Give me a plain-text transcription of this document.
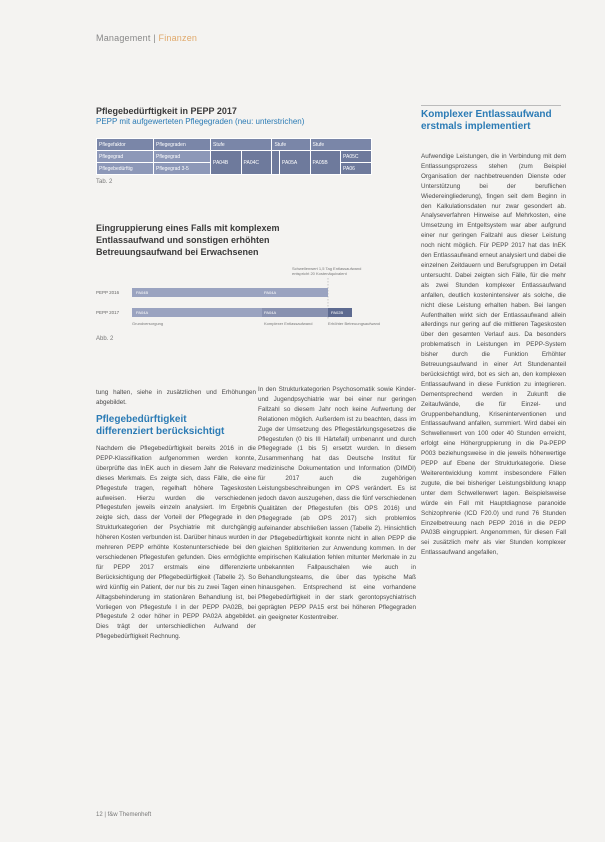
Management | Finanzen
Pflegebedürftigkeit in PEPP 2017
PEPP mit aufgewerteten Pflegegraden (neu: unterstrichen)
Pflegefaktor	Pflegegraden	Stufe		Stufe		Stufe	
Pflegegrad	Pflegegrad	PA04B	PA04C		PA05A	PA05B	PA05C
Pflegebedürftig	Pflegegrad 3-5						PA06
Tab. 2
Eingruppierung eines Falls mit komplexem
Entlassaufwand und sonstigen erhöhten
Betreuungsaufwand bei Erwachsenen
Schwellenwert 1,5 Tag Entlassaufwand
entspricht 20 Kostenäquivalent
PEPP 2016	PA04B	PA04A
PEPP 2017	PA04A	PA04A	PA02B
Grundversorgung	Komplexer Entlassaufwand	Erhöhter Betreuungsaufwand
Abb. 2
Komplexer Entlassaufwand
erstmals implementiert
Aufwendige Leistungen, die in Verbindung mit dem Entlassungsprozess stehen (zum Beispiel Organisation der nachbetreuenden Dienste oder Unterstützung bei der beruflichen Wiedereingliederung), fingen seit dem Beginn in den Kalkulationsdaten nur zwar gesondert ab. Analyseverfahren Hinweise auf Mehrkosten, eine Umsetzung im Entgeltsystem war aber aufgrund einer nur geringen Fallzahl aus dieser Leistung noch nicht möglich. Für PEPP 2017 hat das InEK den Entlassaufwand erneut analysiert und dabei die einzelnen Zeitdauern und Berufsgruppen im Detail untersucht. Dabei zeigten sich Fälle, für die mehr als zwei Stunden komplexer Entlassaufwand anfallen, deutlich kostenintensiver als solche, die nicht diese Leistung erhalten haben. Bei langen Aufenthalten wirkt sich der Entlassaufwand allein allerdings nur gering auf die mittleren Tageskosten über den gesamten Verlauf aus. Da besonders problematisch in Leistungen im PEPP-System bisher durch die Funktion Erhöhter Betreuungsaufwand in einer Art Stundenanteil berücksichtigt wird, bot es sich an, den komplexen Entlassaufwand in diese Funktion zu integrieren. Dementsprechend werden in Zukunft die Zeitaufwände, die für Einzel- und Gruppenbehandlung, Kriseninterventionen und Entlassaufwand anfallen, summiert. Wird dabei ein Schwellenwert von 100 oder 40 Stunden erreicht, erfolgt eine Höhergruppierung in die Pa-PEPP P003 beziehungsweise in die jeweils höherwertige PEPP auf Ebene der Strukturkategorie. Diese Weiterentwicklung kommt insbesondere Fällen zugute, die bei bisheriger Leistungsbildung knapp unter dem Schwellenwert lagen. Beispielsweise würde ein Fall mit Hauptdiagnose paranoide Schizophrenie (ICD F20.0) und rund 76 Stunden Einzelbetreuung nach PEPP 2016 in die PEPP PA03B eingruppiert. Angenommen, für diesen Fall sei zusätzlich mehr als vier Stunden komplexer Entlassaufwand angefallen,
tung halten, siehe in zusätzlichen und Erhöhungen abgebildet.
Pflegebedürftigkeit
differenziert berücksichtigt
Nachdem die Pflegebedürftigkeit bereits 2016 in die PEPP-Klassifikation aufgenommen werden konnte, überprüfte das InEK auch in diesem Jahr die Relevanz dieses Merkmals. Es zeigte sich, dass Fälle, die eine Pflegestufe tragen, regelhaft höhere Tageskosten aufweisen. Hierzu wurden die verschiedenen Pflegestufen jeweils einzeln analysiert. Im Ergebnis zeigte sich, dass der Vorteil der Pflegegrade in den Strukturkategorien der Psychiatrie mit durchgängig höheren Kosten verbunden ist. Darüber hinaus wurden in mehreren PEPP erhöhte Kostenunterschiede bei den verschiedenen Pflegestufen gefunden. Dies ermöglichte für PEPP 2017 erstmals eine differenzierte Berücksichtigung der Pflegebedürftigkeit (Tabelle 2). So wird künftig ein Patient, der nur bis zu zwei Tagen einen Alltagsbehinderung im stationären Behandlung ist, bei Vorliegen von Pflegestufe I in der PEPP PA02B, bei Pflegestufe 2 oder höher in PEPP PA02A abgebildet. Dies trägt der unterschiedlichen Aufwand der Pflegebedürftigkeit Rechnung.
In den Strukturkategorien Psychosomatik sowie Kinder- und Jugendpsychiatrie war bei einer nur geringen Fallzahl so diesem Jahr noch keine Aufwertung der Relationen möglich. Außerdem ist zu beachten, dass im Zuge der Umsetzung des Pflegestärkungsgesetzes die Pflegestufen (0 bis III Härtefall) umbenannt und durch Pflegegrade (1 bis 5) ersetzt wurden. In diesem Zusammenhang hat das Deutsche Institut für medizinische Dokumentation und Information (DIMDI) für 2017 auch die zugehörigen Leistungsbeschreibungen im OPS verändert. Es ist jedoch davon auszugehen, dass die fünf verschiedenen Qualitäten der Pflegestufen (bis OPS 2016) und Pflegegrade (ab OPS 2017) sich problemlos aufeinander abschließen lassen (Tabelle 2). Hinsichtlich der Pflegebedürftigkeit konnte nicht in allen PEPP die gleichen Splitkriterien zur Anwendung kommen. In der empirischen Kalkulation fehlen mitunter Merkmale in zu unbekannten Fallpauschalen wie auch in Behandlungsteams, die über das typische Maß hinausgehen. Entsprechend ist eine vorhandene Pflegebedürftigkeit in der stark gerontopsychiatrisch geprägten PEPP PA15 erst bei höheren Pflegegraden ein geeigneter Kostentreiber.
12 | f&w Themenheft
